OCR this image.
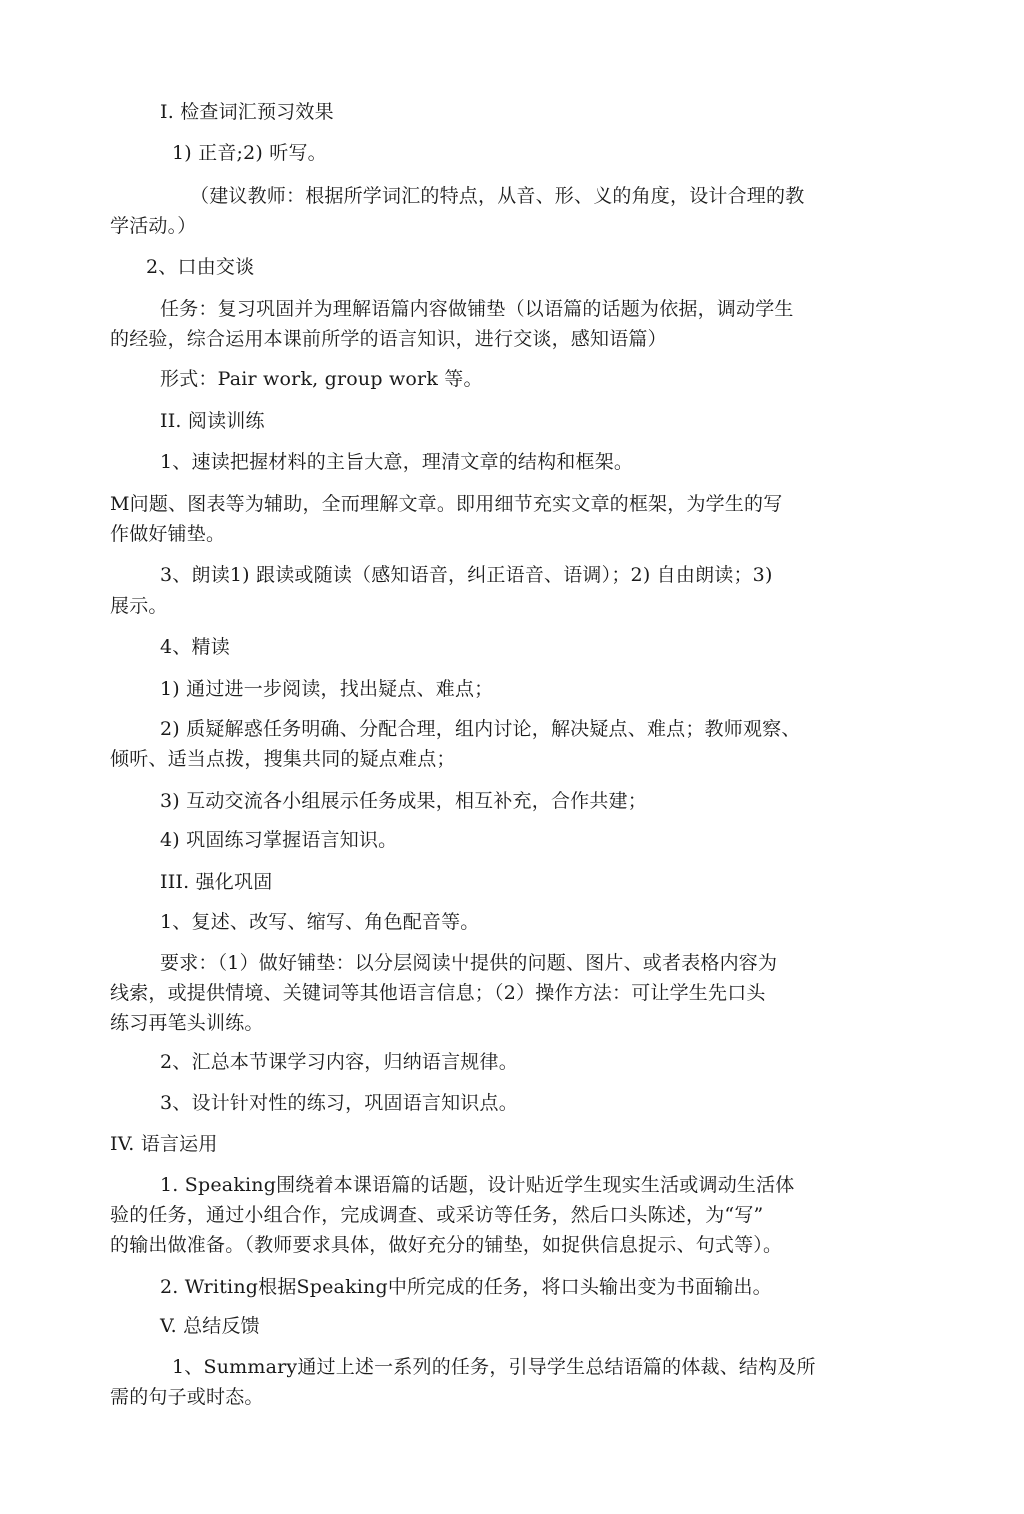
I. 检查词汇预习效果
1) 正音;2) 听写。
（建议教师：根据所学词汇的特点，从音、形、义的角度，设计合理的教
学活动。）
2、口由交谈
任务：复习巩固并为理解语篇内容做铺垫（以语篇的话题为依据，调动学生
的经验，综合运用本课前所学的语言知识，进行交谈，感知语篇）
形式：Pair work, group work 等。
II. 阅读训练
1、速读把握材料的主旨大意，理清文章的结构和框架。
M问题、图表等为辅助，全而理解文章。即用细节充实文章的框架，为学生的写
作做好铺垫。
3、朗读1) 跟读或随读（感知语音，纠正语音、语调）；2) 自由朗读；3)
展示。
4、精读
1) 通过进一步阅读，找出疑点、难点；
2) 质疑解惑任务明确、分配合理，组内讨论，解决疑点、难点；教师观察、
倾听、适当点拨，搜集共同的疑点难点；
3) 互动交流各小组展示任务成果，相互补充，合作共建；
4) 巩固练习掌握语言知识。
III. 强化巩固
1、复述、改写、缩写、角色配音等。
要求：（1）做好铺垫：以分层阅读屮提供的问题、图片、或者表格内容为
线索，或提供情境、关键词等其他语言信息；（2）操作方法：可让学生先口头
练习再笔头训练。
2、汇总本节课学习内容，归纳语言规律。
3、设计针对性的练习，巩固语言知识点。
IV. 语言运用
1. Speaking围绕着本课语篇的话题，设计贴近学生现实生活或调动生活体
验的任务，通过小组合作，完成调查、或采访等任务，然后口头陈述，为“写”
的输出做准备。（教师要求具体，做好充分的铺垫，如捉供信息捉示、句式等）。
2. Writing根据Speaking中所完成的任务，将口头输出变为书面输出。
V. 总结反馈
1、Summary通过上述一系列的任务，引导学生总结语篇的体裁、结构及所
需的句子或时态。
